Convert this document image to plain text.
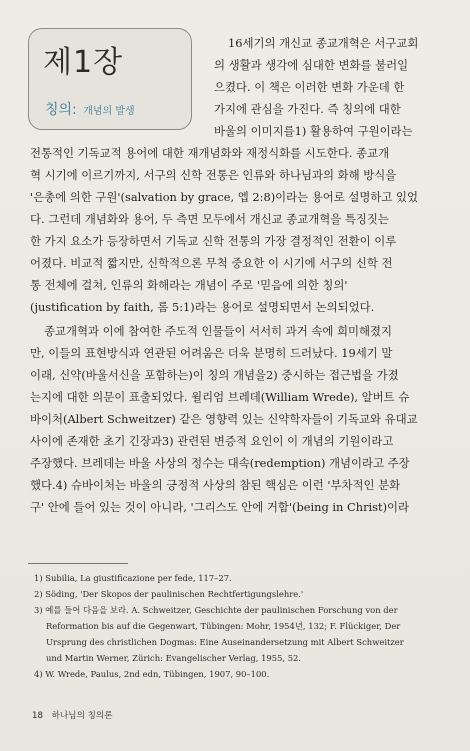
제1장
칭의: 개념의 발생
16세기의 개신교 종교개혁은 서구교회
의 생활과 생각에 심대한 변화를 불러일
으켰다. 이 책은 이러한 변화 가운데 한
가지에 관심을 가진다. 즉 칭의에 대한
바울의 이미지를1) 활용하여 구원이라는
전통적인 기독교적 용어에 대한 재개념화와 재정식화를 시도한다. 종교개
혁 시기에 이르기까지, 서구의 신학 전통은 인류와 하나님과의 화해 방식을
'은총에 의한 구원'(salvation by grace, 엡 2:8)이라는 용어로 설명하고 있었
다. 그런데 개념화와 용어, 두 측면 모두에서 개신교 종교개혁을 특징짓는
한 가지 요소가 등장하면서 기독교 신학 전통의 가장 결정적인 전환이 이루
어졌다. 비교적 짧지만, 신학적으론 무척 중요한 이 시기에 서구의 신학 전
통 전체에 걸쳐, 인류의 화해라는 개념이 주로 '믿음에 의한 칭의'
(justification by faith, 롬 5:1)라는 용어로 설명되면서 논의되었다.
종교개혁과 이에 참여한 주도적 인물들이 서서히 과거 속에 희미해졌지
만, 이들의 표현방식과 연관된 어려움은 더욱 분명히 드러났다. 19세기 말
이래, 신약(바울서신을 포함하는)이 칭의 개념을2) 중시하는 접근법을 가졌
는지에 대한 의문이 표출되었다. 윌리엄 브레데(William Wrede), 알버트 슈
바이처(Albert Schweitzer) 같은 영향력 있는 신약학자들이 기독교와 유대교
사이에 존재한 초기 긴장과3) 관련된 변증적 요인이 이 개념의 기원이라고
주장했다. 브레데는 바울 사상의 정수는 대속(redemption) 개념이라고 주장
했다.4) 슈바이처는 바울의 긍정적 사상의 참된 핵심은 이런 '부차적인 분화
구' 안에 들어 있는 것이 아니라, '그리스도 안에 거함'(being in Christ)이라
1) Subilia, La giustificazione per fede, 117–27.
2) Söding, 'Der Skopos der paulinischen Rechtfertigungslehre.'
3) 예를 들어 다음을 보라. A. Schweitzer, Geschichte der paulinischen Forschung von der
Reformation bis auf die Gegenwart, Tübingen: Mohr, 1954년, 132; F. Flückiger, Der
Ursprung des christlichen Dogmas: Eine Auseinandersetzung mit Albert Schweitzer
und Martin Werner, Zürich: Evangelischer Verlag, 1955, 52.
4) W. Wrede, Paulus, 2nd edn, Tübingen, 1907, 90–100.
18 하나님의 칭의론
